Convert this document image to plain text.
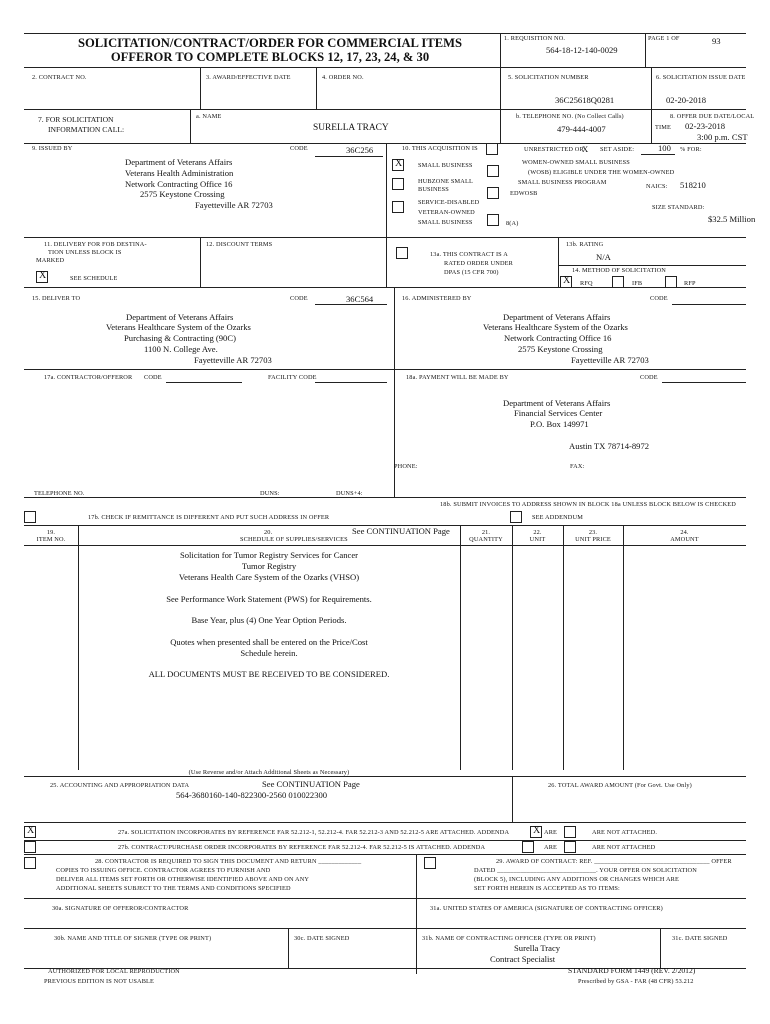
SOLICITATION/CONTRACT/ORDER FOR COMMERCIAL ITEMS
OFFEROR TO COMPLETE BLOCKS 12, 17, 23, 24, & 30
1. REQUISITION NO.
564-18-12-140-0029
PAGE 1 OF	93
2. CONTRACT NO.	3. AWARD/EFFECTIVE DATE	4. ORDER NO.	5. SOLICITATION NUMBER
36C25618Q0281
6. SOLICITATION ISSUE DATE
02-20-2018
7. FOR SOLICITATION
INFORMATION CALL:
a. NAME
SURELLA TRACY
b. TELEPHONE NO. (No Collect Calls)
479-444-4007
8. OFFER DUE DATE/LOCAL
TIME 02-23-2018
3:00 p.m. CST
9. ISSUED BY	CODE	36C256
Department of Veterans Affairs
Veterans Health Administration
Network Contracting Office 16
2575 Keystone Crossing
Fayetteville AR 72703
10. THIS ACQUISITION IS	UNRESTRICTED OR
X SET ASIDE:	100 % FOR:
X	SMALL BUSINESS
HUBZONE SMALL
BUSINESS
SERVICE-DISABLED
VETERAN-OWNED
SMALL BUSINESS
WOMEN-OWNED SMALL BUSINESS
(WOSB) ELIGIBLE UNDER THE WOMEN-OWNED
SMALL BUSINESS PROGRAM
EDWOSB
8(A)
NAICS: 518210
SIZE STANDARD:
$32.5 Million
11. DELIVERY FOR FOB DESTINA-
TION UNLESS BLOCK IS
MARKED
X	SEE SCHEDULE
12. DISCOUNT TERMS
13a. THIS CONTRACT IS A
RATED ORDER UNDER
DPAS (15 CFR 700)
13b. RATING
N/A
14. METHOD OF SOLICITATION
X RFQ	IFB	RFP
15. DELIVER TO	CODE	36C564
Department of Veterans Affairs
Veterans Healthcare System of the Ozarks
Purchasing & Contracting (90C)
1100 N. College Ave.
Fayetteville AR 72703
16. ADMINISTERED BY	CODE
Department of Veterans Affairs
Veterans Healthcare System of the Ozarks
Network Contracting Office 16
2575 Keystone Crossing
Fayetteville AR 72703
17a. CONTRACTOR/OFFEROR CODE	FACILITY CODE
TELEPHONE NO.	DUNS:	DUNS+4:
17b. CHECK IF REMITTANCE IS DIFFERENT AND PUT SUCH ADDRESS IN OFFER
18a. PAYMENT WILL BE MADE BY	CODE
Department of Veterans Affairs
Financial Services Center
P.O. Box 149971
Austin TX 78714-8972
PHONE:	FAX:
18b. SUBMIT INVOICES TO ADDRESS SHOWN IN BLOCK 18a UNLESS BLOCK BELOW IS CHECKED
SEE ADDENDUM
19.
ITEM NO.
20.
SCHEDULE OF SUPPLIES/SERVICES
See CONTINUATION Page	21.
QUANTITY
22.
UNIT
23.
UNIT PRICE
24.
AMOUNT
Solicitation for Tumor Registry Services for Cancer
Tumor Registry
Veterans Health Care System of the Ozarks (VHSO)
See Performance Work Statement (PWS) for Requirements.
Base Year, plus (4) One Year Option Periods.
Quotes when presented shall be entered on the Price/Cost
Schedule herein.
ALL DOCUMENTS MUST BE RECEIVED TO BE CONSIDERED.
(Use Reverse and/or Attach Additional Sheets as Necessary)
25. ACCOUNTING AND APPROPRIATION DATA	See CONTINUATION Page
564-3680160-140-822300-2560 010022300
26. TOTAL AWARD AMOUNT (For Govt. Use Only)
X	27a. SOLICITATION INCORPORATES BY REFERENCE FAR 52.212-1, 52.212-4. FAR 52.212-3 AND 52.212-5 ARE ATTACHED. ADDENDA X ARE	ARE NOT ATTACHED.
27b. CONTRACT/PURCHASE ORDER INCORPORATES BY REFERENCE FAR 52.212-4. FAR 52.212-5 IS ATTACHED. ADDENDA	ARE	ARE NOT ATTACHED
28. CONTRACTOR IS REQUIRED TO SIGN THIS DOCUMENT AND RETURN _____________
COPIES TO ISSUING OFFICE. CONTRACTOR AGREES TO FURNISH AND
DELIVER ALL ITEMS SET FORTH OR OTHERWISE IDENTIFIED ABOVE AND ON ANY
ADDITIONAL SHEETS SUBJECT TO THE TERMS AND CONDITIONS SPECIFIED
29. AWARD OF CONTRACT: REF. ___________________________________ OFFER
DATED ______________________________. YOUR OFFER ON SOLICITATION
(BLOCK 5), INCLUDING ANY ADDITIONS OR CHANGES WHICH ARE
SET FORTH HEREIN IS ACCEPTED AS TO ITEMS:
30a. SIGNATURE OF OFFEROR/CONTRACTOR	31a. UNITED STATES OF AMERICA (SIGNATURE OF CONTRACTING OFFICER)
30b. NAME AND TITLE OF SIGNER (TYPE OR PRINT)	30c. DATE SIGNED	31b. NAME OF CONTRACTING OFFICER (TYPE OR PRINT)	31c. DATE SIGNED
Surella Tracy
Contract Specialist
AUTHORIZED FOR LOCAL REPRODUCTION
PREVIOUS EDITION IS NOT USABLE
STANDARD FORM 1449 (REV. 2/2012)
Prescribed by GSA - FAR (48 CFR) 53.212
